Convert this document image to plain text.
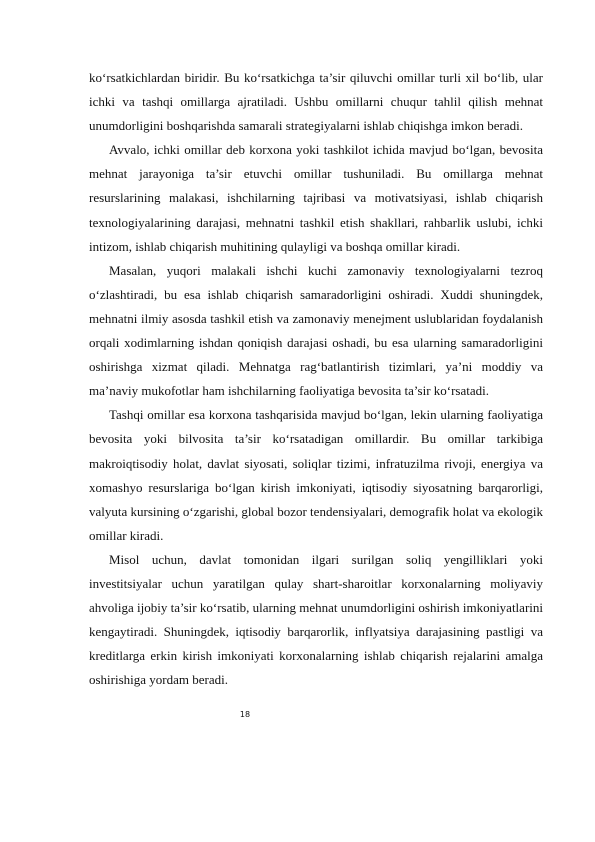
ko‘rsatkichlardan biridir. Bu ko‘rsatkichga ta’sir qiluvchi omillar turli xil bo‘lib, ular ichki va tashqi omillarga ajratiladi. Ushbu omillarni chuqur tahlil qilish mehnat unumdorligini boshqarishda samarali strategiyalarni ishlab chiqishga imkon beradi.

Avvalo, ichki omillar deb korxona yoki tashkilot ichida mavjud bo‘lgan, bevosita mehnat jarayoniga ta’sir etuvchi omillar tushuniladi. Bu omillarga mehnat resurslarining malakasi, ishchilarning tajribasi va motivatsiyasi, ishlab chiqarish texnologiyalarining darajasi, mehnatni tashkil etish shakllari, rahbarlik uslubi, ichki intizom, ishlab chiqarish muhitining qulayligi va boshqa omillar kiradi.

Masalan, yuqori malakali ishchi kuchi zamonaviy texnologiyalarni tezroq o‘zlashtiradi, bu esa ishlab chiqarish samaradorligini oshiradi. Xuddi shuningdek, mehnatni ilmiy asosda tashkil etish va zamonaviy menejment uslublaridan foydalanish orqali xodimlarning ishdan qoniqish darajasi oshadi, bu esa ularning samaradorligini oshirishga xizmat qiladi. Mehnatga rag‘batlantirish tizimlari, ya’ni moddiy va ma’naviy mukofotlar ham ishchilarning faoliyatiga bevosita ta’sir ko‘rsatadi.

Tashqi omillar esa korxona tashqarisida mavjud bo‘lgan, lekin ularning faoliyatiga bevosita yoki bilvosita ta’sir ko‘rsatadigan omillardir. Bu omillar tarkibiga makroiqtisodiy holat, davlat siyosati, soliqlar tizimi, infratuzilma rivoji, energiya va xomashyo resurslariga bo‘lgan kirish imkoniyati, iqtisodiy siyosatning barqarorligi, valyuta kursining o‘zgarishi, global bozor tendensiyalari, demografik holat va ekologik omillar kiradi.

Misol uchun, davlat tomonidan ilgari surilgan soliq yengilliklari yoki investitsiyalar uchun yaratilgan qulay shart-sharoitlar korxonalarning moliyaviy ahvoliga ijobiy ta’sir ko‘rsatib, ularning mehnat unumdorligini oshirish imkoniyatlarini kengaytiradi. Shuningdek, iqtisodiy barqarorlik, inflyatsiya darajasining pastligi va kreditlarga erkin kirish imkoniyati korxonalarning ishlab chiqarish rejalarini amalga oshirishiga yordam beradi.

18
